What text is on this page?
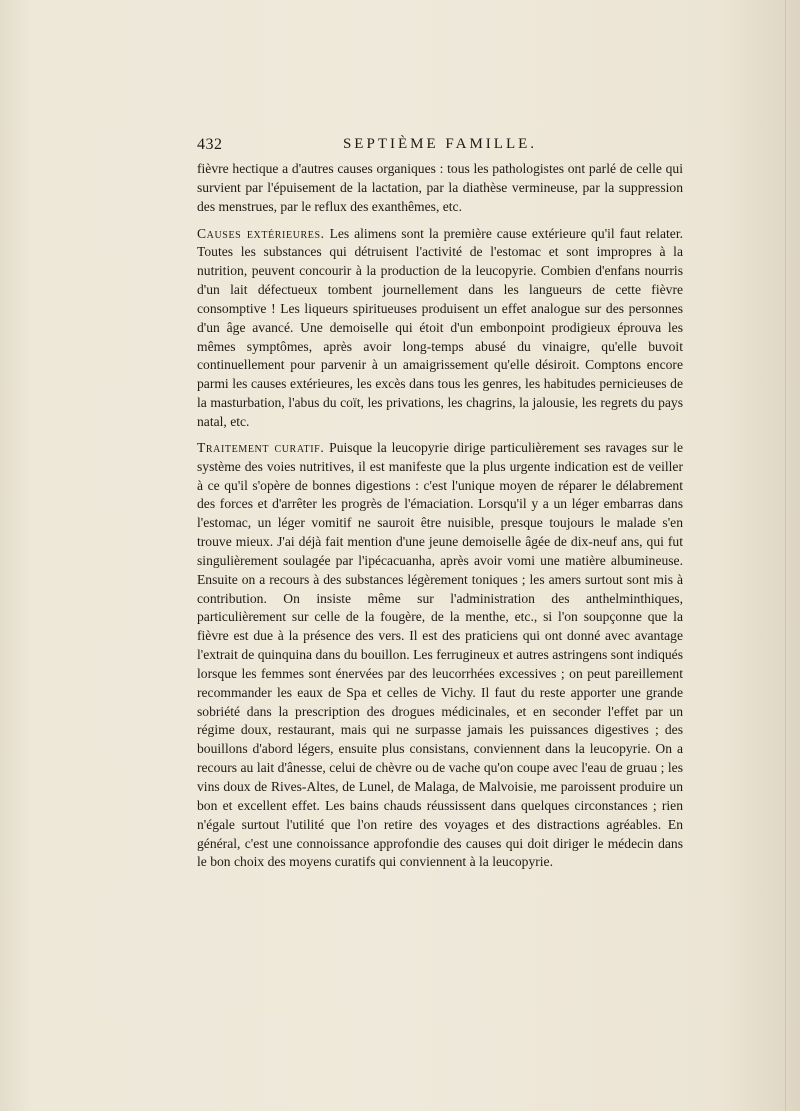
432	SEPTIÈME FAMILLE.

fièvre hectique a d'autres causes organiques : tous les pathologistes ont parlé de celle qui survient par l'épuisement de la lactation, par la diathèse vermineuse, par la suppression des menstrues, par le reflux des exanthêmes, etc.

Causes extérieures. Les alimens sont la première cause extérieure qu'il faut relater. Toutes les substances qui détruisent l'activité de l'estomac et sont impropres à la nutrition, peuvent concourir à la production de la leucopyrie. Combien d'enfans nourris d'un lait défectueux tombent journellement dans les langueurs de cette fièvre consomptive ! Les liqueurs spiritueuses produisent un effet analogue sur des personnes d'un âge avancé. Une demoiselle qui étoit d'un embonpoint prodigieux éprouva les mêmes symptômes, après avoir long-temps abusé du vinaigre, qu'elle buvoit continuellement pour parvenir à un amaigrissement qu'elle désiroit. Comptons encore parmi les causes extérieures, les excès dans tous les genres, les habitudes pernicieuses de la masturbation, l'abus du coït, les privations, les chagrins, la jalousie, les regrets du pays natal, etc.

Traitement curatif. Puisque la leucopyrie dirige particulièrement ses ravages sur le système des voies nutritives, il est manifeste que la plus urgente indication est de veiller à ce qu'il s'opère de bonnes digestions : c'est l'unique moyen de réparer le délabrement des forces et d'arrêter les progrès de l'émaciation. Lorsqu'il y a un léger embarras dans l'estomac, un léger vomitif ne sauroit être nuisible, presque toujours le malade s'en trouve mieux. J'ai déjà fait mention d'une jeune demoiselle âgée de dix-neuf ans, qui fut singulièrement soulagée par l'ipécacuanha, après avoir vomi une matière albumineuse. Ensuite on a recours à des substances légèrement toniques ; les amers surtout sont mis à contribution. On insiste même sur l'administration des anthelminthiques, particulièrement sur celle de la fougère, de la menthe, etc., si l'on soupçonne que la fièvre est due à la présence des vers. Il est des praticiens qui ont donné avec avantage l'extrait de quinquina dans du bouillon. Les ferrugineux et autres astringens sont indiqués lorsque les femmes sont énervées par des leucorrhées excessives ; on peut pareillement recommander les eaux de Spa et celles de Vichy. Il faut du reste apporter une grande sobriété dans la prescription des drogues médicinales, et en seconder l'effet par un régime doux, restaurant, mais qui ne surpasse jamais les puissances digestives ; des bouillons d'abord légers, ensuite plus consistans, conviennent dans la leucopyrie. On a recours au lait d'ânesse, celui de chèvre ou de vache qu'on coupe avec l'eau de gruau ; les vins doux de Rives-Altes, de Lunel, de Malaga, de Malvoisie, me paroissent produire un bon et excellent effet. Les bains chauds réussissent dans quelques circonstances ; rien n'égale surtout l'utilité que l'on retire des voyages et des distractions agréables. En général, c'est une connoissance approfondie des causes qui doit diriger le médecin dans le bon choix des moyens curatifs qui conviennent à la leucopyrie.
